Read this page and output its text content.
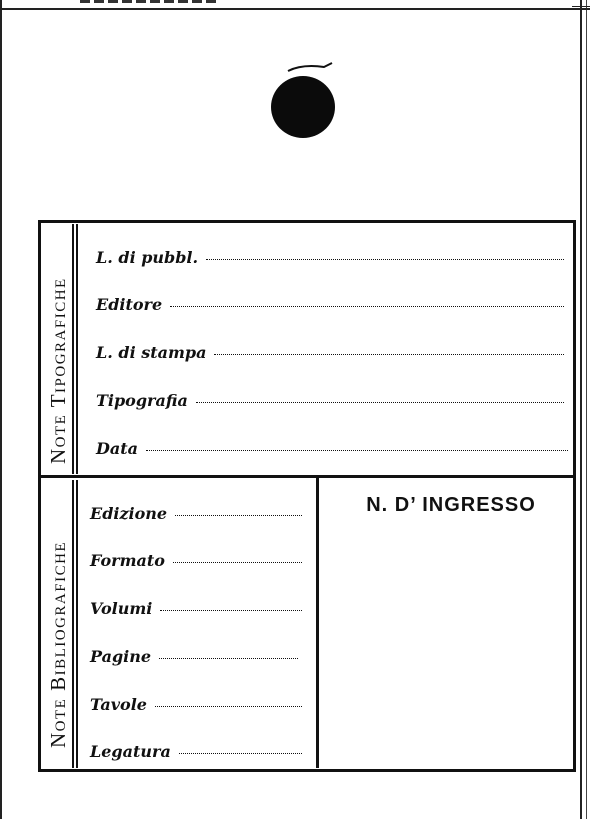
Note Tipografiche
L. di pubbl.
Editore
L. di stampa
Tipografia
Data
Note Bibliografiche
Edizione
Formato
Volumi
Pagine
Tavole
Legatura
N. D’ INGRESSO
